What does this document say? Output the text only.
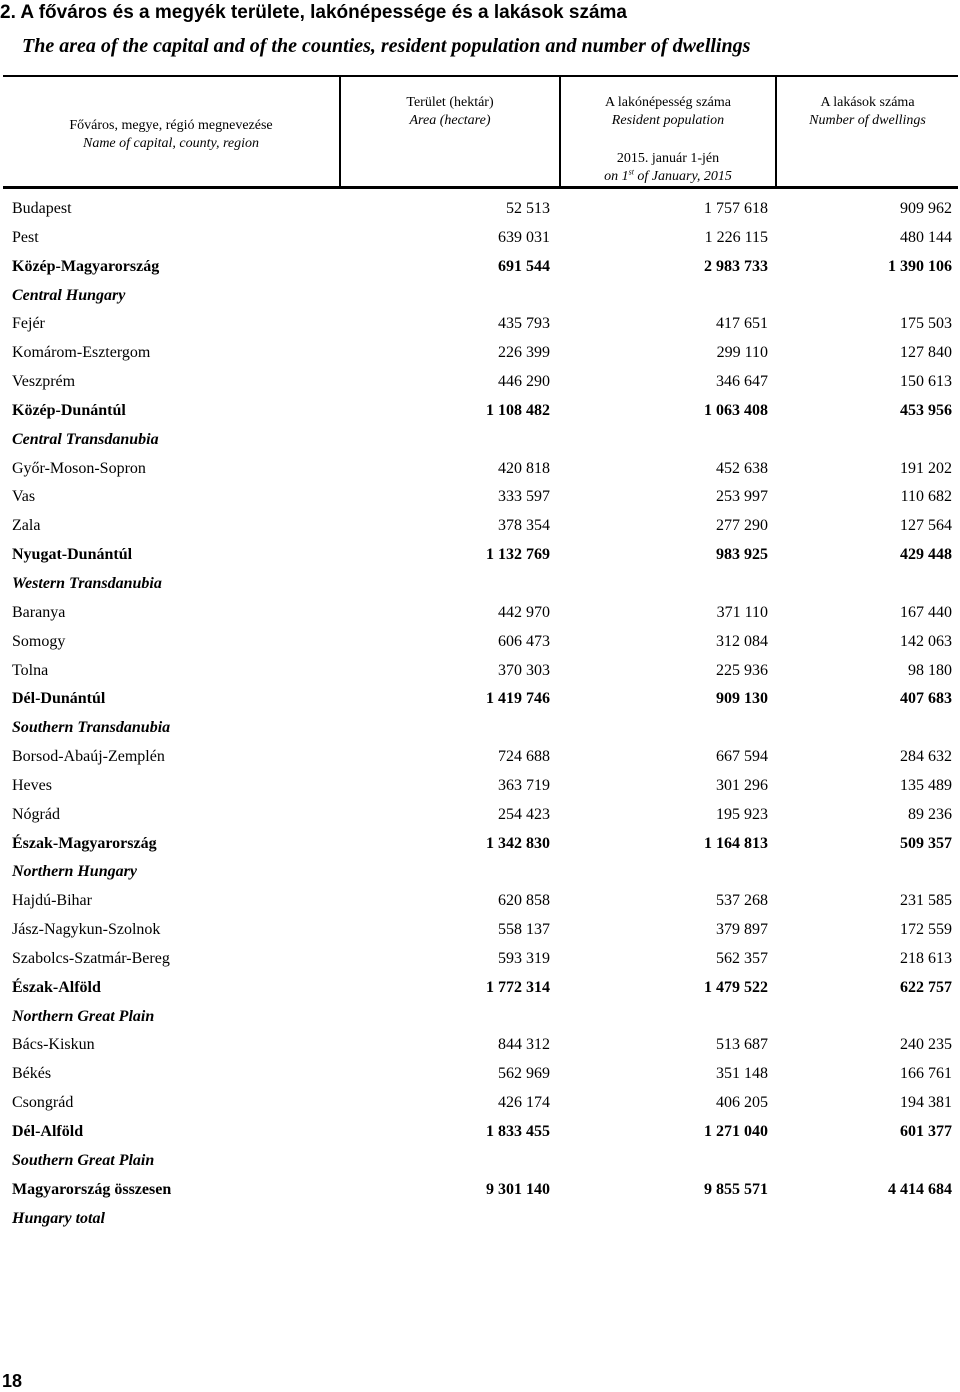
2. A főváros és a megyék területe, lakónépessége és a lakások száma
The area of the capital and of the counties, resident population and number of dwellings
Főváros, megye, régió megnevezése
Name of capital, county, region
Terület (hektár)
Area (hectare)
A lakónépesség száma
Resident population
A lakások száma
Number of dwellings
2015. január 1-jén
on 1st of January, 2015
Budapest	52 513	1 757 618	909 962
Pest	639 031	1 226 115	480 144
Közép-Magyarország	691 544	2 983 733	1 390 106
Central Hungary
Fejér	435 793	417 651	175 503
Komárom-Esztergom	226 399	299 110	127 840
Veszprém	446 290	346 647	150 613
Közép-Dunántúl	1 108 482	1 063 408	453 956
Central Transdanubia
Győr-Moson-Sopron	420 818	452 638	191 202
Vas	333 597	253 997	110 682
Zala	378 354	277 290	127 564
Nyugat-Dunántúl	1 132 769	983 925	429 448
Western Transdanubia
Baranya	442 970	371 110	167 440
Somogy	606 473	312 084	142 063
Tolna	370 303	225 936	98 180
Dél-Dunántúl	1 419 746	909 130	407 683
Southern Transdanubia
Borsod-Abaúj-Zemplén	724 688	667 594	284 632
Heves	363 719	301 296	135 489
Nógrád	254 423	195 923	89 236
Észak-Magyarország	1 342 830	1 164 813	509 357
Northern Hungary
Hajdú-Bihar	620 858	537 268	231 585
Jász-Nagykun-Szolnok	558 137	379 897	172 559
Szabolcs-Szatmár-Bereg	593 319	562 357	218 613
Észak-Alföld	1 772 314	1 479 522	622 757
Northern Great Plain
Bács-Kiskun	844 312	513 687	240 235
Békés	562 969	351 148	166 761
Csongrád	426 174	406 205	194 381
Dél-Alföld	1 833 455	1 271 040	601 377
Southern Great Plain
Magyarország összesen	9 301 140	9 855 571	4 414 684
Hungary total
18
